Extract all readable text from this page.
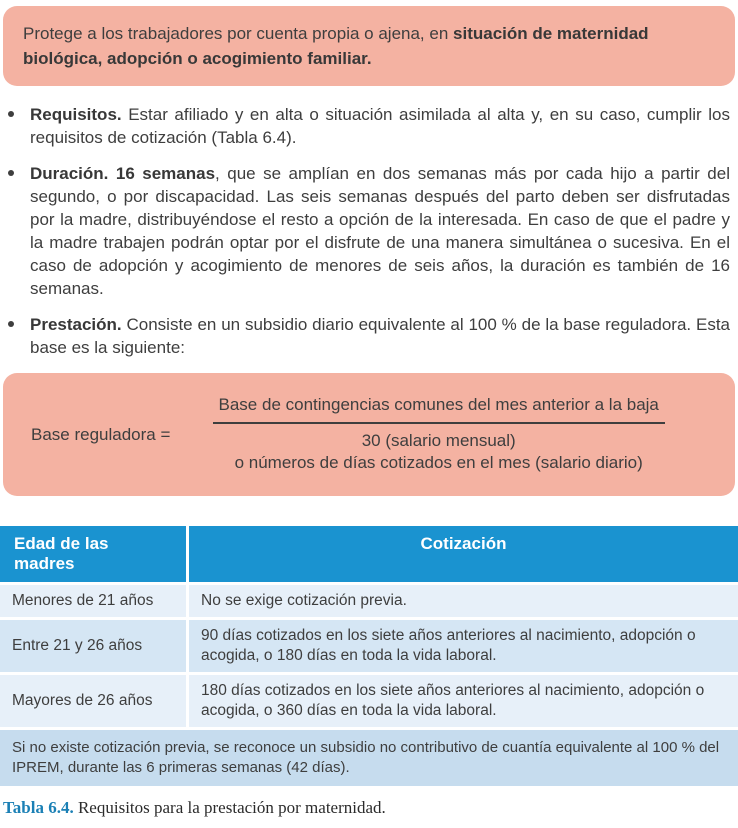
Protege a los trabajadores por cuenta propia o ajena, en situación de maternidad biológica, adopción o acogimiento familiar.
Requisitos. Estar afiliado y en alta o situación asimilada al alta y, en su caso, cumplir los requisitos de cotización (Tabla 6.4).
Duración. 16 semanas, que se amplían en dos semanas más por cada hijo a partir del segundo, o por discapacidad. Las seis semanas después del parto deben ser disfrutadas por la madre, distribuyéndose el resto a opción de la interesada. En caso de que el padre y la madre trabajen podrán optar por el disfrute de una manera simultánea o sucesiva. En el caso de adopción y acogimiento de menores de seis años, la duración es también de 16 semanas.
Prestación. Consiste en un subsidio diario equivalente al 100 % de la base reguladora. Esta base es la siguiente:
Base reguladora =
Base de contingencias comunes del mes anterior a la baja
30 (salario mensual)
o números de días cotizados en el mes (salario diario)
Edad de las madres
Cotización
Menores de 21 años	No se exige cotización previa.
Entre 21 y 26 años
90 días cotizados en los siete años anteriores al nacimiento, adopción o acogida, o 180 días en toda la vida laboral.
Mayores de 26 años
180 días cotizados en los siete años anteriores al nacimiento, adopción o acogida, o 360 días en toda la vida laboral.
Si no existe cotización previa, se reconoce un subsidio no contributivo de cuantía equivalente al 100 % del IPREM, durante las 6 primeras semanas (42 días).
Tabla 6.4. Requisitos para la prestación por maternidad.
